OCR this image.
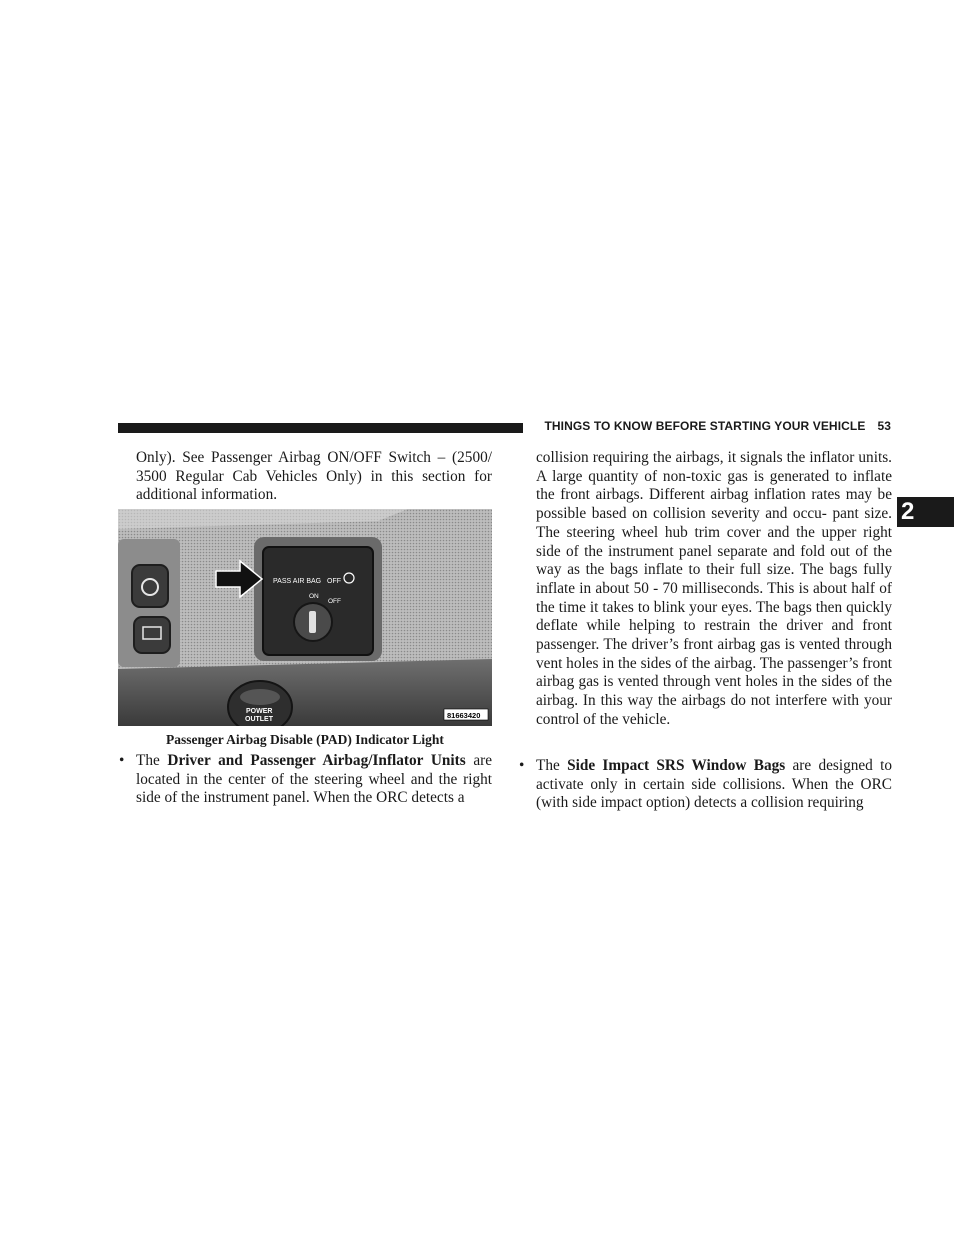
THINGS TO KNOW BEFORE STARTING YOUR VEHICLE 53
2

Only). See Passenger Airbag ON/OFF Switch – (2500/ 3500 Regular Cab Vehicles Only) in this section for additional information.

PASS AIR BAG OFF
ON
OFF
POWER
OUTLET	81663420
Passenger Airbag Disable (PAD) Indicator Light

• The Driver and Passenger Airbag/Inflator Units are located in the center of the steering wheel and the right side of the instrument panel. When the ORC detects a

collision requiring the airbags, it signals the inflator units. A large quantity of non-toxic gas is generated to inflate the front airbags. Different airbag inflation rates may be possible based on collision severity and occu- pant size. The steering wheel hub trim cover and the upper right side of the instrument panel separate and fold out of the way as the bags inflate to their full size. The bags fully inflate in about 50 - 70 milliseconds. This is about half of the time it takes to blink your eyes. The bags then quickly deflate while helping to restrain the driver and front passenger. The driver’s front airbag gas is vented through vent holes in the sides of the airbag. The passenger’s front airbag gas is vented through vent holes in the sides of the airbag. In this way the airbags do not interfere with your control of the vehicle.

• The Side Impact SRS Window Bags are designed to activate only in certain side collisions. When the ORC (with side impact option) detects a collision requiring
